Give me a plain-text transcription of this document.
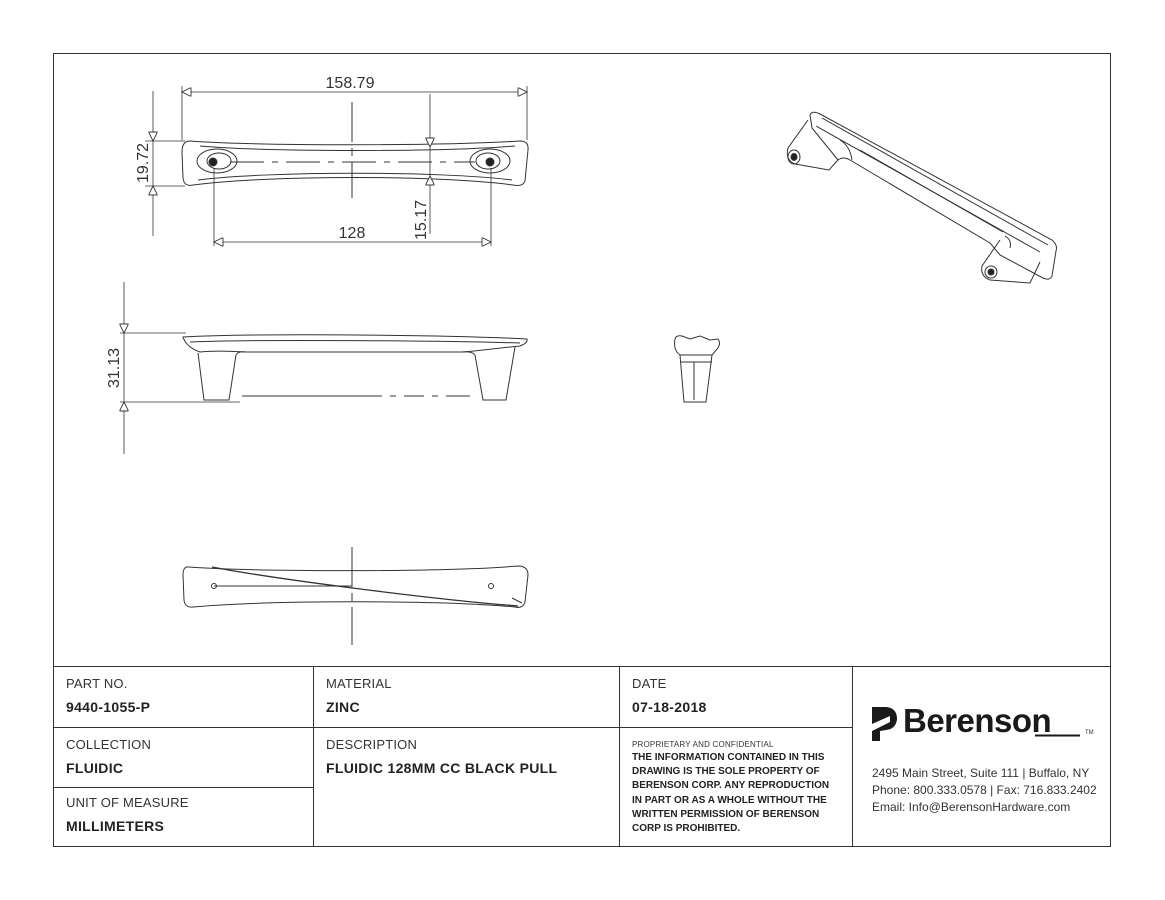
158.79
128
19.72
15.17
31.13
PART NO.
9440-1055-P
MATERIAL
ZINC
DATE
07-18-2018
COLLECTION
FLUIDIC
DESCRIPTION
FLUIDIC 128MM CC BLACK PULL
UNIT OF MEASURE
MILLIMETERS
PROPRIETARY AND CONFIDENTIAL
THE INFORMATION CONTAINED IN THIS
DRAWING IS THE SOLE PROPERTY OF
BERENSON CORP. ANY REPRODUCTION
IN PART OR AS A WHOLE WITHOUT THE
WRITTEN PERMISSION OF BERENSON
CORP IS PROHIBITED.
Berenson	TM
2495 Main Street, Suite 111 | Buffalo, NY
Phone: 800.333.0578 | Fax: 716.833.2402
Email: Info@BerensonHardware.com
